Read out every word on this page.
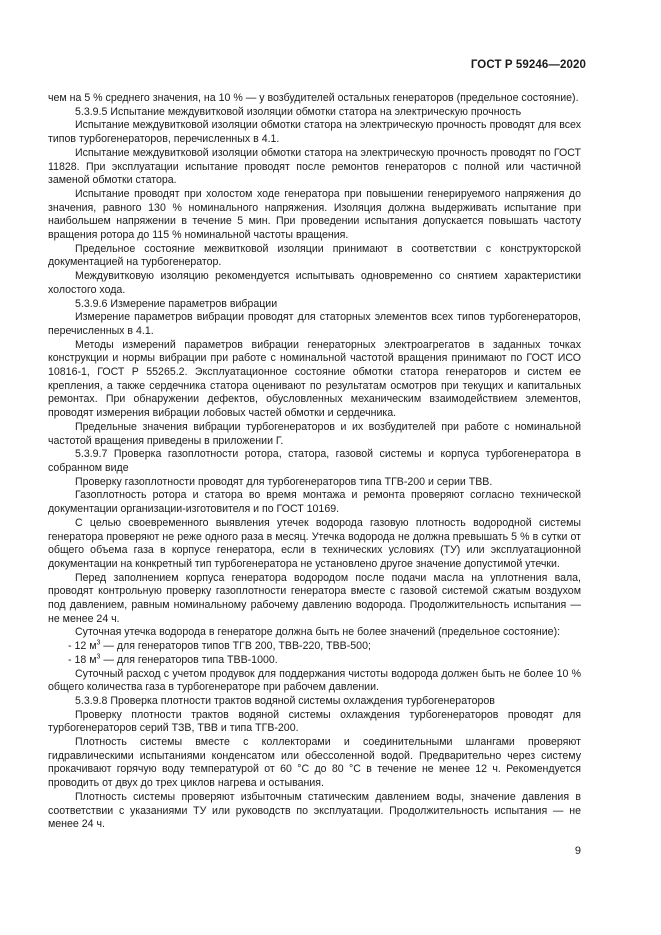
ГОСТ Р 59246—2020

чем на 5 % среднего значения, на 10 % — у возбудителей остальных генераторов (предельное состояние).

5.3.9.5 Испытание междувитковой изоляции обмотки статора на электрическую прочность

Испытание междувитковой изоляции обмотки статора на электрическую прочность проводят для всех типов турбогенераторов, перечисленных в 4.1.

Испытание междувитковой изоляции обмотки статора на электрическую прочность проводят по ГОСТ 11828. При эксплуатации испытание проводят после ремонтов генераторов с полной или частичной заменой обмотки статора.

Испытание проводят при холостом ходе генератора при повышении генерируемого напряжения до значения, равного 130 % номинального напряжения. Изоляция должна выдерживать испытание при наибольшем напряжении в течение 5 мин. При проведении испытания допускается повышать частоту вращения ротора до 115 % номинальной частоты вращения.

Предельное состояние межвитковой изоляции принимают в соответствии с конструкторской документацией на турбогенератор.

Междувитковую изоляцию рекомендуется испытывать одновременно со снятием характеристики холостого хода.

5.3.9.6 Измерение параметров вибрации

Измерение параметров вибрации проводят для статорных элементов всех типов турбогенераторов, перечисленных в 4.1.

Методы измерений параметров вибрации генераторных электроагрегатов в заданных точках конструкции и нормы вибрации при работе с номинальной частотой вращения принимают по ГОСТ ИСО 10816-1, ГОСТ Р 55265.2. Эксплуатационное состояние обмотки статора генераторов и систем ее крепления, а также сердечника статора оценивают по результатам осмотров при текущих и капитальных ремонтах. При обнаружении дефектов, обусловленных механическим взаимодействием элементов, проводят измерения вибрации лобовых частей обмотки и сердечника.

Предельные значения вибрации турбогенераторов и их возбудителей при работе с номинальной частотой вращения приведены в приложении Г.

5.3.9.7 Проверка газоплотности ротора, статора, газовой системы и корпуса турбогенератора в собранном виде

Проверку газоплотности проводят для турбогенераторов типа ТГВ-200 и серии ТВВ.

Газоплотность ротора и статора во время монтажа и ремонта проверяют согласно технической документации организации-изготовителя и по ГОСТ 10169.

С целью своевременного выявления утечек водорода газовую плотность водородной системы генератора проверяют не реже одного раза в месяц. Утечка водорода не должна превышать 5 % в сутки от общего объема газа в корпусе генератора, если в технических условиях (ТУ) или эксплуатационной документации на конкретный тип турбогенератора не установлено другое значение допустимой утечки.

Перед заполнением корпуса генератора водородом после подачи масла на уплотнения вала, проводят контрольную проверку газоплотности генератора вместе с газовой системой сжатым воздухом под давлением, равным номинальному рабочему давлению водорода. Продолжительность испытания — не менее 24 ч.

Суточная утечка водорода в генераторе должна быть не более значений (предельное состояние):

- 12 $м^3$ — для генераторов типов ТГВ 200, ТВВ-220, ТВВ-500;

- 18 $м^3$ — для генераторов типа ТВВ-1000.

Суточный расход с учетом продувок для поддержания чистоты водорода должен быть не более 10 % общего количества газа в турбогенераторе при рабочем давлении.

5.3.9.8 Проверка плотности трактов водяной системы охлаждения турбогенераторов

Проверку плотности трактов водяной системы охлаждения турбогенераторов проводят для турбогенераторов серий ТЗВ, ТВВ и типа ТГВ-200.

Плотность системы вместе с коллекторами и соединительными шлангами проверяют гидравлическими испытаниями конденсатом или обессоленной водой. Предварительно через систему прокачивают горячую воду температурой от 60 °С до 80 °С в течение не менее 12 ч. Рекомендуется проводить от двух до трех циклов нагрева и остывания.

Плотность системы проверяют избыточным статическим давлением воды, значение давления в соответствии с указаниями ТУ или руководств по эксплуатации. Продолжительность испытания — не менее 24 ч.

9
